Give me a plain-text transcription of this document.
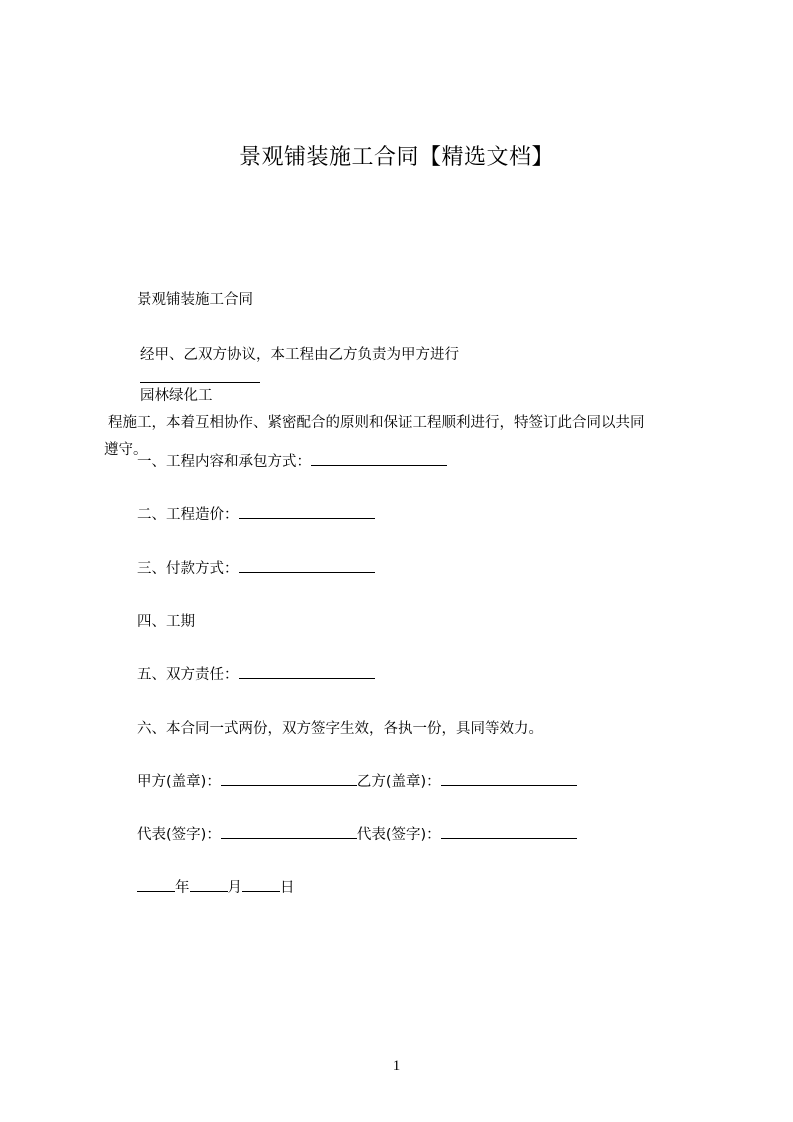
景观铺装施工合同【精选文档】
景观铺装施工合同
经甲、乙双方协议，本工程由乙方负责为甲方进行
园林绿化工
程施工，本着互相协作、紧密配合的原则和保证工程顺利进行，特签订此合同以共同
遵守。
一、工程内容和承包方式：
二、工程造价：
三、付款方式：
四、工期
五、双方责任：
六、本合同一式两份，双方签字生效，各执一份，具同等效力。
甲方(盖章)：	乙方(盖章)：
代表(签字)：	代表(签字)：
年	月	日
1
